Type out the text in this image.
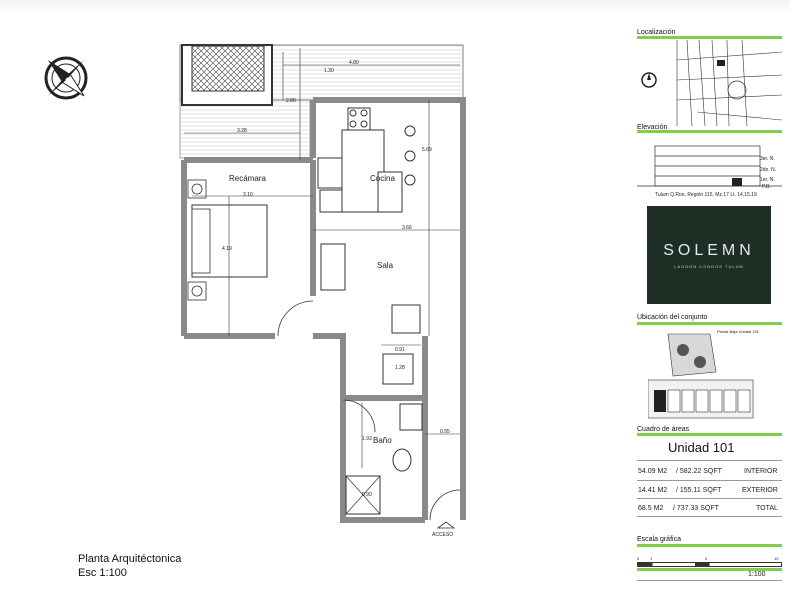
4.80
1.30
2.80
3.28
5.69
3.10
4.19
3.66
0.91
1.28
1.93
0.95
0.90
Recámara	Cocina
Sala
Baño
ACCESO
Planta Arquitéctonica
Esc 1:100
Localización
Elevación
3er. N.
2do. N.
1er. N.
P.B.
Tulum Q.Roo, Región 115, Mz.17 Lt. 14,15,19
SOLEMN
LAGOON CONDOS TULUM
Ubicación del conjunto
Planta Baja Unidad 101
Cuadro de áreas
Unidad 101
54.09 M2 / 582.22 SQFT	INTERIOR
14.41 M2 / 155.11 SQFT	EXTERIOR
68.5 M2 / 737.33 SQFT	TOTAL
Escala gráfica
0	1	5	10
1:100
